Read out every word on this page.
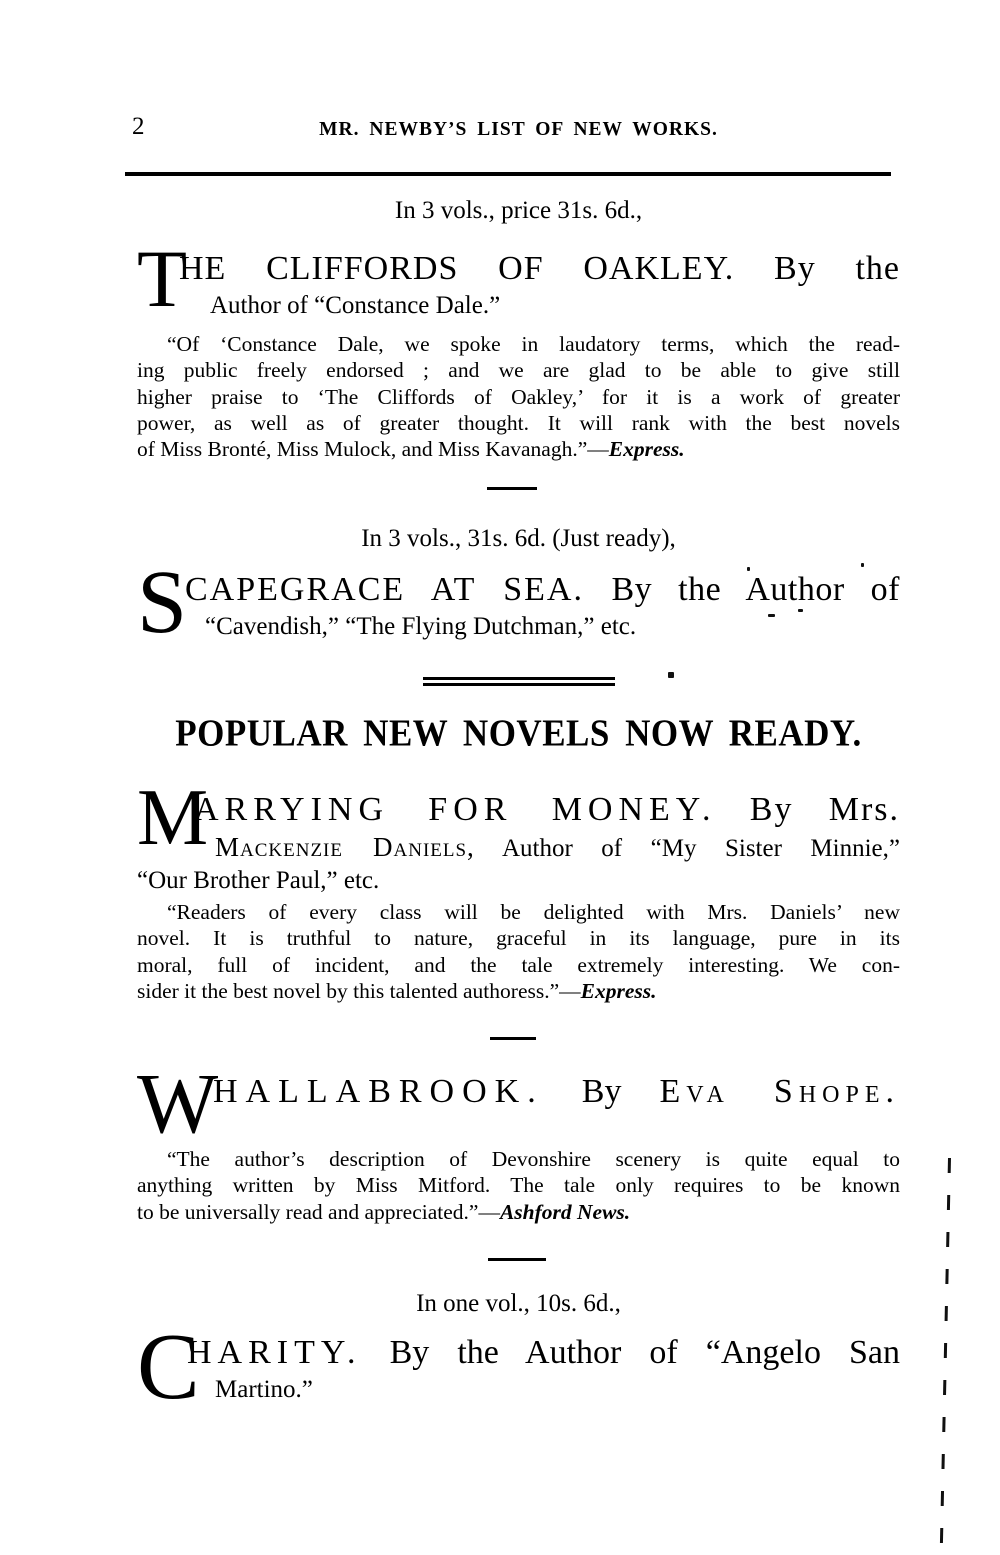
2	MR. NEWBY’S LIST OF NEW WORKS.
In 3 vols., price 31s. 6d.,
T
HE CLIFFORDS OF OAKLEY. By the
Author of “Constance Dale.”
“Of ‘Constance Dale, we spoke in laudatory terms, which the read-
ing public freely endorsed ; and we are glad to be able to give still
higher praise to ‘The Cliffords of Oakley,’ for it is a work of greater
power, as well as of greater thought. It will rank with the best novels
of Miss Bronté, Miss Mulock, and Miss Kavanagh.”—Express.
In 3 vols., 31s. 6d. (Just ready),
S
CAPEGRACE AT SEA. By the Author of
“Cavendish,” “The Flying Dutchman,” etc.
POPULAR NEW NOVELS NOW READY.
M
ARRYING FOR MONEY. By Mrs.
Mackenzie Daniels, Author of “My Sister Minnie,”
“Our Brother Paul,” etc.
“Readers of every class will be delighted with Mrs. Daniels’ new
novel. It is truthful to nature, graceful in its language, pure in its
moral, full of incident, and the tale extremely interesting. We con-
sider it the best novel by this talented authoress.”—Express.
W
HALLABROOK. By Eva Shope.
“The author’s description of Devonshire scenery is quite equal to
anything written by Miss Mitford. The tale only requires to be known
to be universally read and appreciated.”—Ashford News.
In one vol., 10s. 6d.,
C
HARITY. By the Author of “Angelo San
Martino.”
